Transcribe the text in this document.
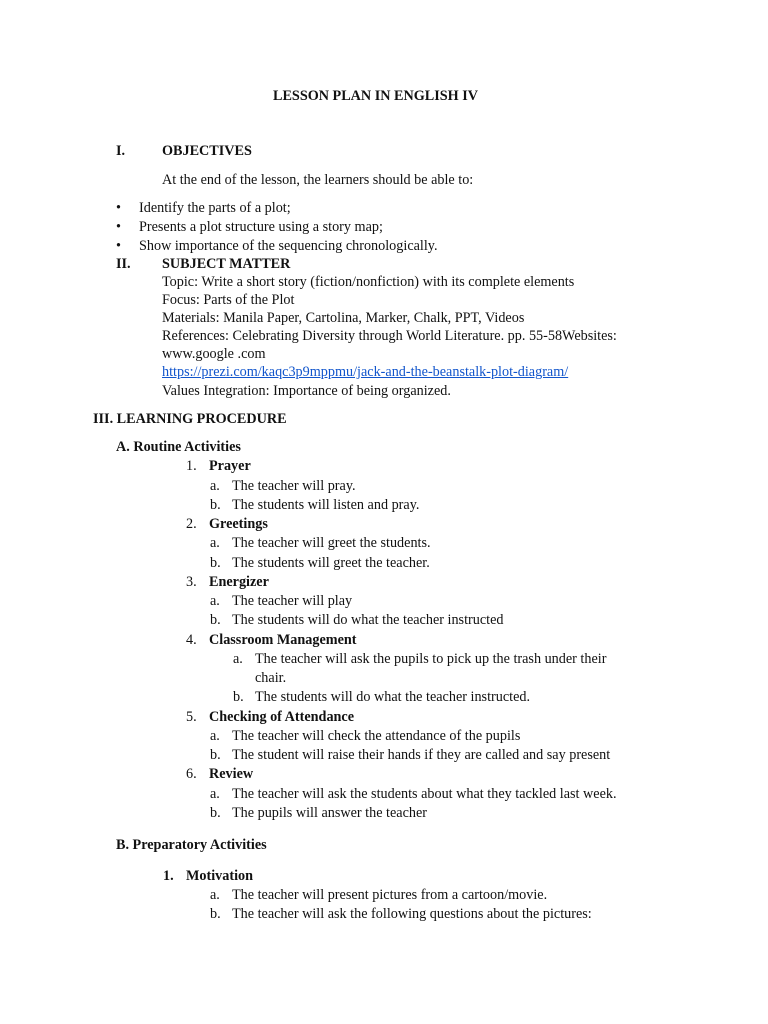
LESSON PLAN IN ENGLISH IV
I.	OBJECTIVES
At the end of the lesson, the learners should be able to:
• Identify the parts of a plot;
• Presents a plot structure using a story map;
• Show importance of the sequencing chronologically.
II. SUBJECT MATTER
Topic: Write a short story (fiction/nonfiction) with its complete elements
Focus: Parts of the Plot
Materials: Manila Paper, Cartolina, Marker, Chalk, PPT, Videos
References: Celebrating Diversity through World Literature. pp. 55-58Websites:
www.google .com
https://prezi.com/kaqc3p9mppmu/jack-and-the-beanstalk-plot-diagram/
Values Integration: Importance of being organized.
III. LEARNING PROCEDURE
A. Routine Activities
1. Prayer
a. The teacher will pray.
b. The students will listen and pray.
2. Greetings
a. The teacher will greet the students.
b. The students will greet the teacher.
3. Energizer
a. The teacher will play
b. The students will do what the teacher instructed
4. Classroom Management
a. The teacher will ask the pupils to pick up the trash under their
chair.
b. The students will do what the teacher instructed.
5. Checking of Attendance
a. The teacher will check the attendance of the pupils
b. The student will raise their hands if they are called and say present
6. Review
a. The teacher will ask the students about what they tackled last week.
b. The pupils will answer the teacher
B. Preparatory Activities
1. Motivation
a. The teacher will present pictures from a cartoon/movie.
b. The teacher will ask the following questions about the pictures:
